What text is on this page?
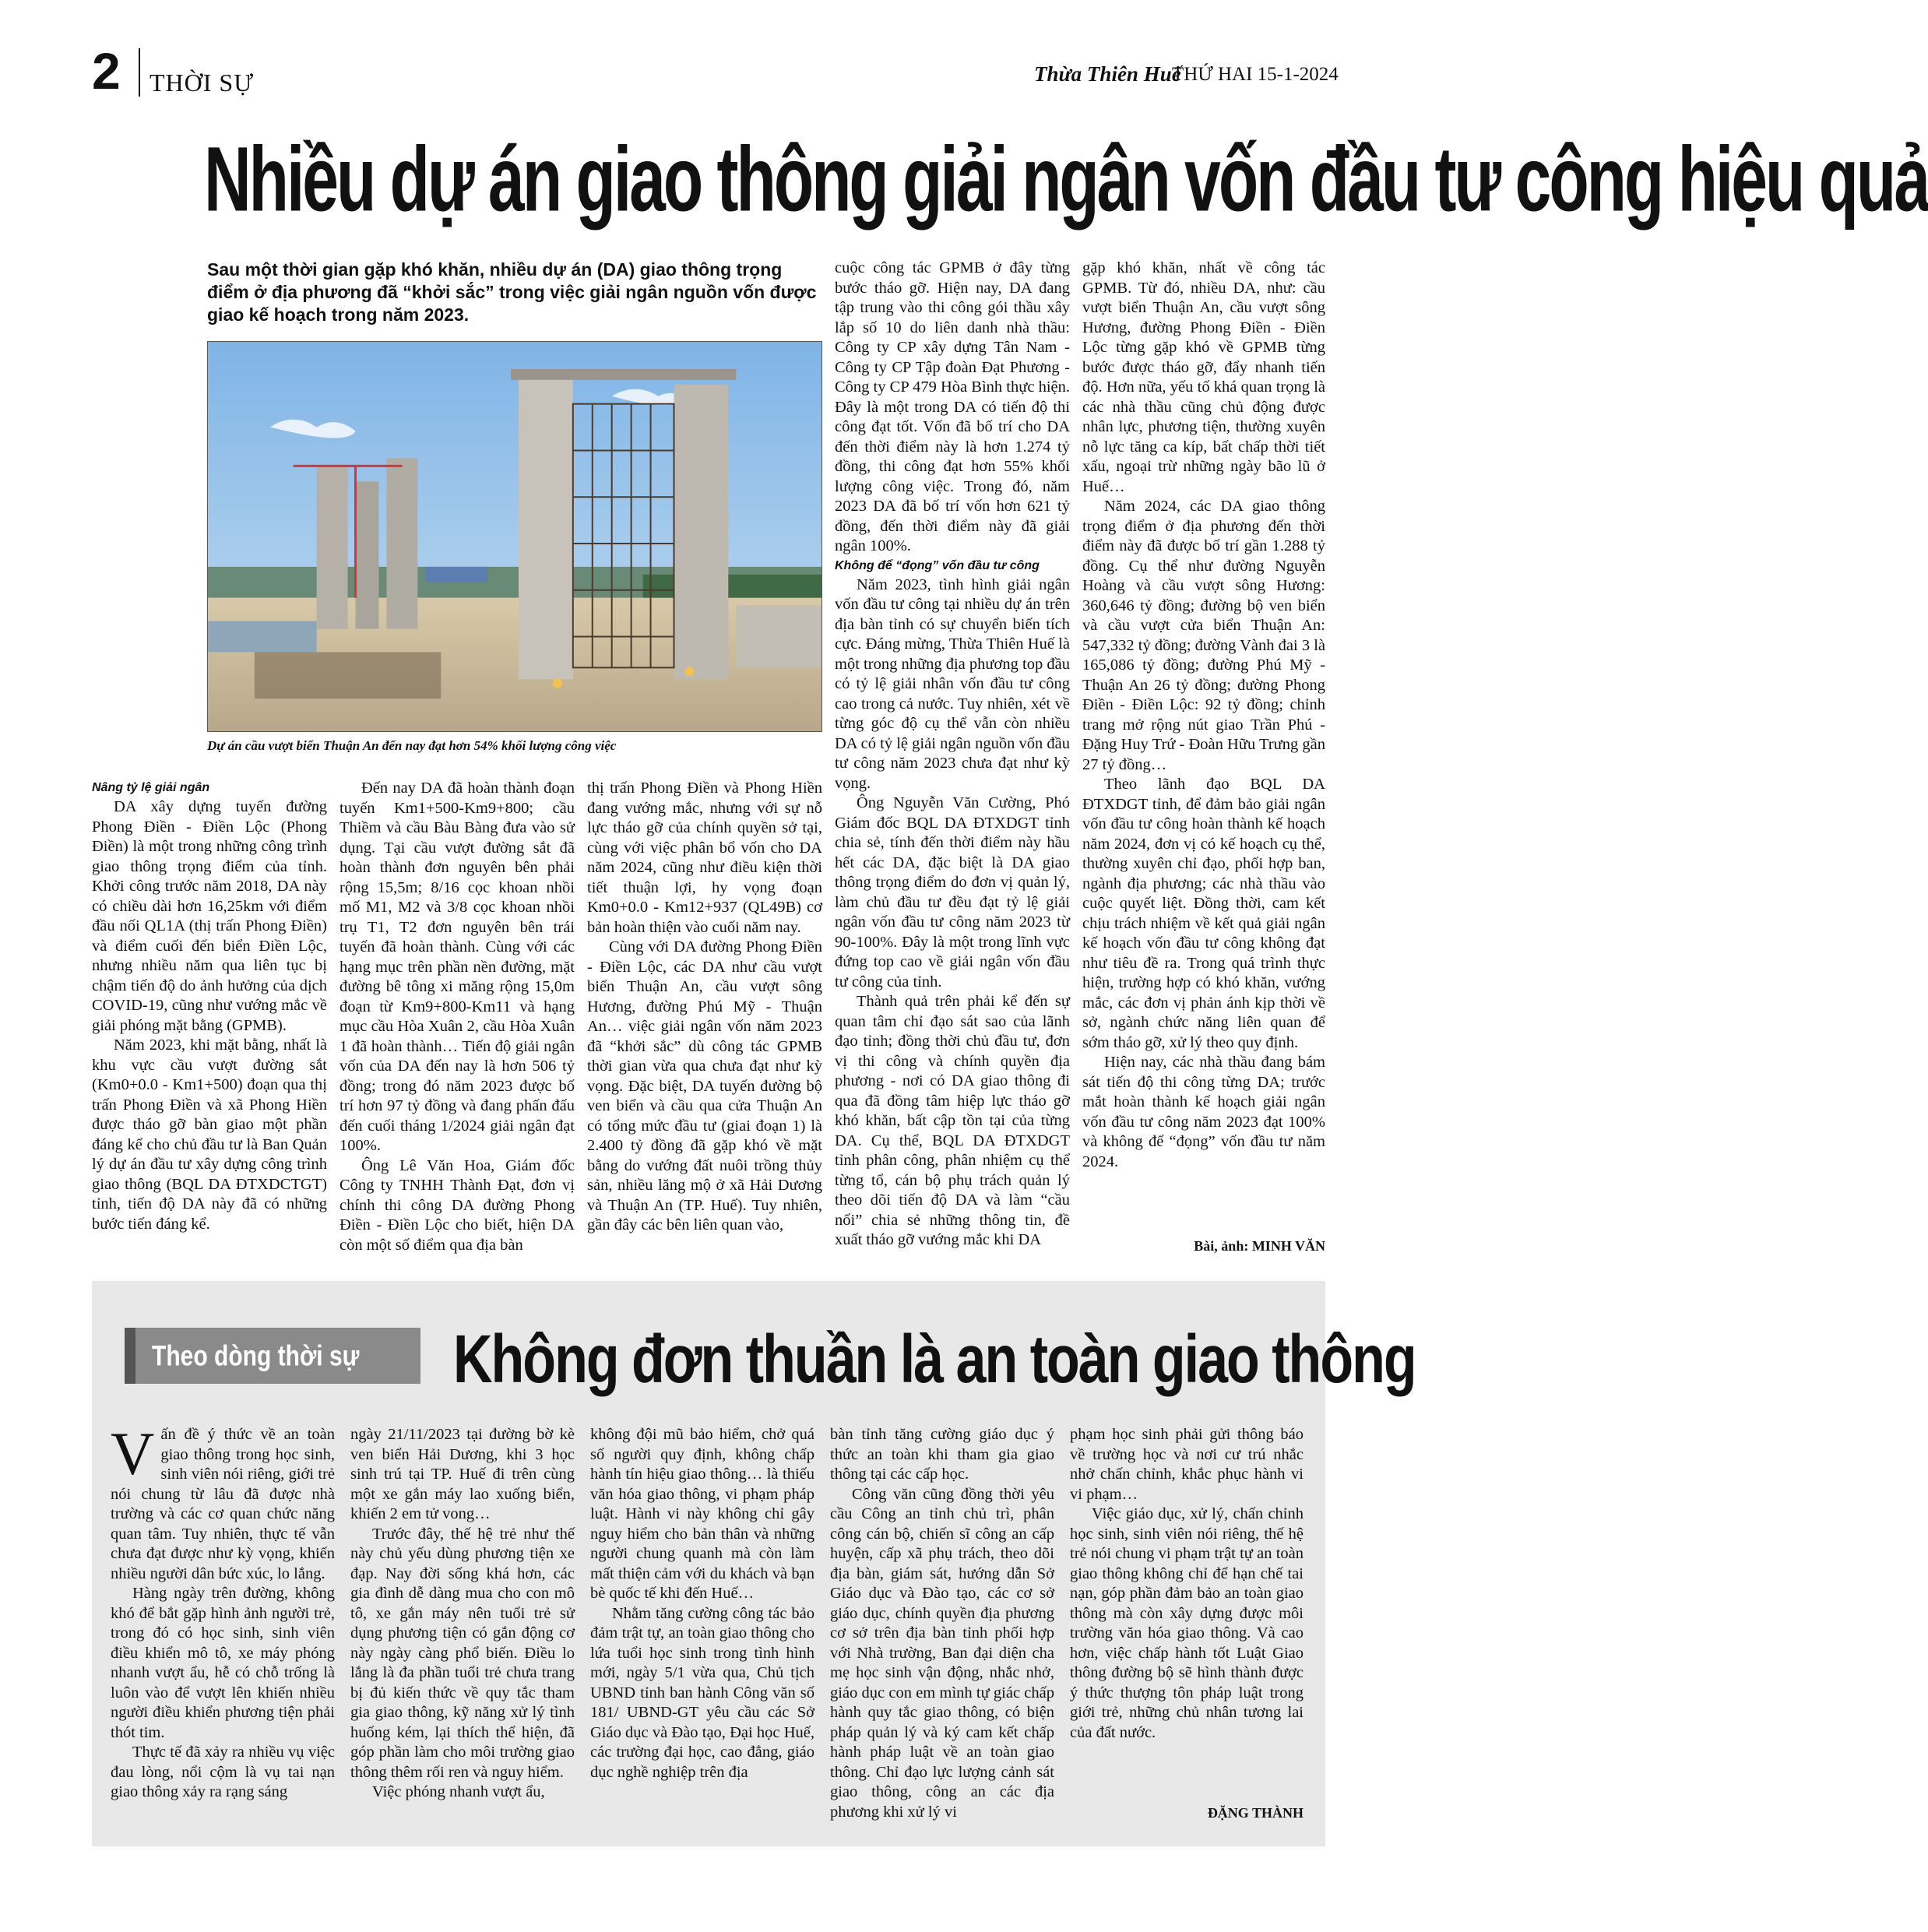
2 THỜI SỰ	Thừa Thiên Huế
THỨ HAI 15-1-2024
Nhiều dự án giao thông giải ngân vốn đầu tư công hiệu quả
Sau một thời gian gặp khó khăn, nhiều dự án (DA) giao thông trọng điểm ở địa phương đã “khởi sắc” trong việc giải ngân nguồn vốn được giao kế hoạch trong năm 2023.
Dự án cầu vượt biển Thuận An đến nay đạt hơn 54% khối lượng công việc

Nâng tỷ lệ giải ngân

DA xây dựng tuyến đường Phong Điền - Điền Lộc (Phong Điền) là một trong những công trình giao thông trọng điểm của tỉnh. Khởi công trước năm 2018, DA này có chiều dài hơn 16,25km với điểm đầu nối QL1A (thị trấn Phong Điền) và điểm cuối đến biển Điền Lộc, nhưng nhiều năm qua liên tục bị chậm tiến độ do ảnh hưởng của dịch COVID-19, cũng như vướng mắc về giải phóng mặt bằng (GPMB).

Năm 2023, khi mặt bằng, nhất là khu vực cầu vượt đường sắt (Km0+0.0 - Km1+500) đoạn qua thị trấn Phong Điền và xã Phong Hiền được tháo gỡ bàn giao một phần đáng kể cho chủ đầu tư là Ban Quản lý dự án đầu tư xây dựng công trình giao thông (BQL DA ĐTXDCTGT) tỉnh, tiến độ DA này đã có những bước tiến đáng kể.

Đến nay DA đã hoàn thành đoạn tuyến Km1+500-Km9+800; cầu Thiềm và cầu Bàu Bàng đưa vào sử dụng. Tại cầu vượt đường sắt đã hoàn thành đơn nguyên bên phải rộng 15,5m; 8/16 cọc khoan nhồi mố M1, M2 và 3/8 cọc khoan nhồi trụ T1, T2 đơn nguyên bên trái tuyến đã hoàn thành. Cùng với các hạng mục trên phần nền đường, mặt đường bê tông xi măng rộng 15,0m đoạn từ Km9+800-Km11 và hạng mục cầu Hòa Xuân 2, cầu Hòa Xuân 1 đã hoàn thành… Tiến độ giải ngân vốn của DA đến nay là hơn 506 tỷ đồng; trong đó năm 2023 được bố trí hơn 97 tỷ đồng và đang phấn đấu đến cuối tháng 1/2024 giải ngân đạt 100%.

Ông Lê Văn Hoa, Giám đốc Công ty TNHH Thành Đạt, đơn vị chính thi công DA đường Phong Điền - Điền Lộc cho biết, hiện DA còn một số điểm qua địa bàn

thị trấn Phong Điền và Phong Hiền đang vướng mắc, nhưng với sự nỗ lực tháo gỡ của chính quyền sở tại, cùng với việc phân bổ vốn cho DA năm 2024, cũng như điều kiện thời tiết thuận lợi, hy vọng đoạn Km0+0.0 - Km12+937 (QL49B) cơ bản hoàn thiện vào cuối năm nay.

Cùng với DA đường Phong Điền - Điền Lộc, các DA như cầu vượt biển Thuận An, cầu vượt sông Hương, đường Phú Mỹ - Thuận An… việc giải ngân vốn năm 2023 đã “khởi sắc” dù công tác GPMB thời gian vừa qua chưa đạt như kỳ vọng. Đặc biệt, DA tuyến đường bộ ven biển và cầu qua cửa Thuận An có tổng mức đầu tư (giai đoạn 1) là 2.400 tỷ đồng đã gặp khó về mặt bằng do vướng đất nuôi trồng thủy sản, nhiều lăng mộ ở xã Hải Dương và Thuận An (TP. Huế). Tuy nhiên, gần đây các bên liên quan vào,

cuộc công tác GPMB ở đây từng bước tháo gỡ. Hiện nay, DA đang tập trung vào thi công gói thầu xây lắp số 10 do liên danh nhà thầu: Công ty CP xây dựng Tân Nam -Công ty CP Tập đoàn Đạt Phương - Công ty CP 479 Hòa Bình thực hiện. Đây là một trong DA có tiến độ thi công đạt tốt. Vốn đã bố trí cho DA đến thời điểm này là hơn 1.274 tỷ đồng, thi công đạt hơn 55% khối lượng công việc. Trong đó, năm 2023 DA đã bố trí vốn hơn 621 tỷ đồng, đến thời điểm này đã giải ngân 100%.

Không để “đọng” vốn đầu tư công

Năm 2023, tình hình giải ngân vốn đầu tư công tại nhiều dự án trên địa bàn tỉnh có sự chuyển biến tích cực. Đáng mừng, Thừa Thiên Huế là một trong những địa phương top đầu có tỷ lệ giải nhân vốn đầu tư công cao trong cả nước. Tuy nhiên, xét về từng góc độ cụ thể vẫn còn nhiều DA có tỷ lệ giải ngân nguồn vốn đầu tư công năm 2023 chưa đạt như kỳ vọng.

Ông Nguyễn Văn Cường, Phó Giám đốc BQL DA ĐTXDGT tỉnh chia sẻ, tính đến thời điểm này hầu hết các DA, đặc biệt là DA giao thông trọng điểm do đơn vị quản lý, làm chủ đầu tư đều đạt tỷ lệ giải ngân vốn đầu tư công năm 2023 từ 90-100%. Đây là một trong lĩnh vực đứng top cao về giải ngân vốn đầu tư công của tỉnh.

Thành quả trên phải kể đến sự quan tâm chỉ đạo sát sao của lãnh đạo tỉnh; đồng thời chủ đầu tư, đơn vị thi công và chính quyền địa phương - nơi có DA giao thông đi qua đã đồng tâm hiệp lực tháo gỡ khó khăn, bất cập tồn tại của từng DA. Cụ thể, BQL DA ĐTXDGT tỉnh phân công, phân nhiệm cụ thể từng tổ, cán bộ phụ trách quản lý theo dõi tiến độ DA và làm “cầu nối” chia sẻ những thông tin, đề xuất tháo gỡ vướng mắc khi DA

gặp khó khăn, nhất về công tác GPMB. Từ đó, nhiều DA, như: cầu vượt biển Thuận An, cầu vượt sông Hương, đường Phong Điền - Điền Lộc từng gặp khó về GPMB từng bước được tháo gỡ, đẩy nhanh tiến độ. Hơn nữa, yếu tố khá quan trọng là các nhà thầu cũng chủ động được nhân lực, phương tiện, thường xuyên nỗ lực tăng ca kíp, bất chấp thời tiết xấu, ngoại trừ những ngày bão lũ ở Huế…

Năm 2024, các DA giao thông trọng điểm ở địa phương đến thời điểm này đã được bố trí gần 1.288 tỷ đồng. Cụ thể như đường Nguyễn Hoàng và cầu vượt sông Hương: 360,646 tỷ đồng; đường bộ ven biển và cầu vượt cửa biển Thuận An: 547,332 tỷ đồng; đường Vành đai 3 là 165,086 tỷ đồng; đường Phú Mỹ - Thuận An 26 tỷ đồng; đường Phong Điền - Điền Lộc: 92 tỷ đồng; chỉnh trang mở rộng nút giao Trần Phú - Đặng Huy Trứ - Đoàn Hữu Trưng gần 27 tỷ đồng…

Theo lãnh đạo BQL DA ĐTXDGT tỉnh, để đảm bảo giải ngân vốn đầu tư công hoàn thành kế hoạch năm 2024, đơn vị có kế hoạch cụ thể, thường xuyên chỉ đạo, phối hợp ban, ngành địa phương; các nhà thầu vào cuộc quyết liệt. Đồng thời, cam kết chịu trách nhiệm về kết quả giải ngân kế hoạch vốn đầu tư công không đạt như tiêu đề ra. Trong quá trình thực hiện, trường hợp có khó khăn, vướng mắc, các đơn vị phản ánh kịp thời về sở, ngành chức năng liên quan để sớm tháo gỡ, xử lý theo quy định.

Hiện nay, các nhà thầu đang bám sát tiến độ thi công từng DA; trước mắt hoàn thành kế hoạch giải ngân vốn đầu tư công năm 2023 đạt 100% và không để “đọng” vốn đầu tư năm 2024.

Bài, ảnh: MINH VĂN
Theo dòng thời sự	Không đơn thuần là an toàn giao thông

Vấn đề ý thức về an toàn giao thông trong học sinh, sinh viên nói riêng, giới trẻ nói chung từ lâu đã được nhà trường và các cơ quan chức năng quan tâm. Tuy nhiên, thực tế vẫn chưa đạt được như kỳ vọng, khiến nhiều người dân bức xúc, lo lắng.

Hàng ngày trên đường, không khó để bắt gặp hình ảnh người trẻ, trong đó có học sinh, sinh viên điều khiển mô tô, xe máy phóng nhanh vượt ẩu, hễ có chỗ trống là luôn vào để vượt lên khiến nhiều người điều khiển phương tiện phải thót tim.

Thực tế đã xảy ra nhiều vụ việc đau lòng, nổi cộm là vụ tai nạn giao thông xảy ra rạng sáng

ngày 21/11/2023 tại đường bờ kè ven biển Hải Dương, khi 3 học sinh trú tại TP. Huế đi trên cùng một xe gắn máy lao xuống biển, khiến 2 em tử vong…

Trước đây, thế hệ trẻ như thế này chủ yếu dùng phương tiện xe đạp. Nay đời sống khá hơn, các gia đình dễ dàng mua cho con mô tô, xe gắn máy nên tuổi trẻ sử dụng phương tiện có gắn động cơ này ngày càng phổ biến. Điều lo lắng là đa phần tuổi trẻ chưa trang bị đủ kiến thức về quy tắc tham gia giao thông, kỹ năng xử lý tình huống kém, lại thích thể hiện, đã góp phần làm cho môi trường giao thông thêm rối ren và nguy hiểm.

Việc phóng nhanh vượt ẩu,

không đội mũ bảo hiểm, chở quá số người quy định, không chấp hành tín hiệu giao thông… là thiếu văn hóa giao thông, vi phạm pháp luật. Hành vi này không chỉ gây nguy hiểm cho bản thân và những người chung quanh mà còn làm mất thiện cảm với du khách và bạn bè quốc tế khi đến Huế…

Nhằm tăng cường công tác bảo đảm trật tự, an toàn giao thông cho lứa tuổi học sinh trong tình hình mới, ngày 5/1 vừa qua, Chủ tịch UBND tỉnh ban hành Công văn số 181/ UBND-GT yêu cầu các Sở Giáo dục và Đào tạo, Đại học Huế, các trường đại học, cao đẳng, giáo dục nghề nghiệp trên địa

bàn tỉnh tăng cường giáo dục ý thức an toàn khi tham gia giao thông tại các cấp học.

Công văn cũng đồng thời yêu cầu Công an tỉnh chủ trì, phân công cán bộ, chiến sĩ công an cấp huyện, cấp xã phụ trách, theo dõi địa bàn, giám sát, hướng dẫn Sở Giáo dục và Đào tạo, các cơ sở giáo dục, chính quyền địa phương cơ sở trên địa bàn tỉnh phối hợp với Nhà trường, Ban đại diện cha mẹ học sinh vận động, nhắc nhở, giáo dục con em mình tự giác chấp hành quy tắc giao thông, có biện pháp quản lý và ký cam kết chấp hành pháp luật về an toàn giao thông. Chỉ đạo lực lượng cảnh sát giao thông, công an các địa phương khi xử lý vi

phạm học sinh phải gửi thông báo về trường học và nơi cư trú nhắc nhở chấn chỉnh, khắc phục hành vi vi phạm…

Việc giáo dục, xử lý, chấn chỉnh học sinh, sinh viên nói riêng, thế hệ trẻ nói chung vi phạm trật tự an toàn giao thông không chỉ để hạn chế tai nạn, góp phần đảm bảo an toàn giao thông mà còn xây dựng được môi trường văn hóa giao thông. Và cao hơn, việc chấp hành tốt Luật Giao thông đường bộ sẽ hình thành được ý thức thượng tôn pháp luật trong giới trẻ, những chủ nhân tương lai của đất nước.

ĐẶNG THÀNH
